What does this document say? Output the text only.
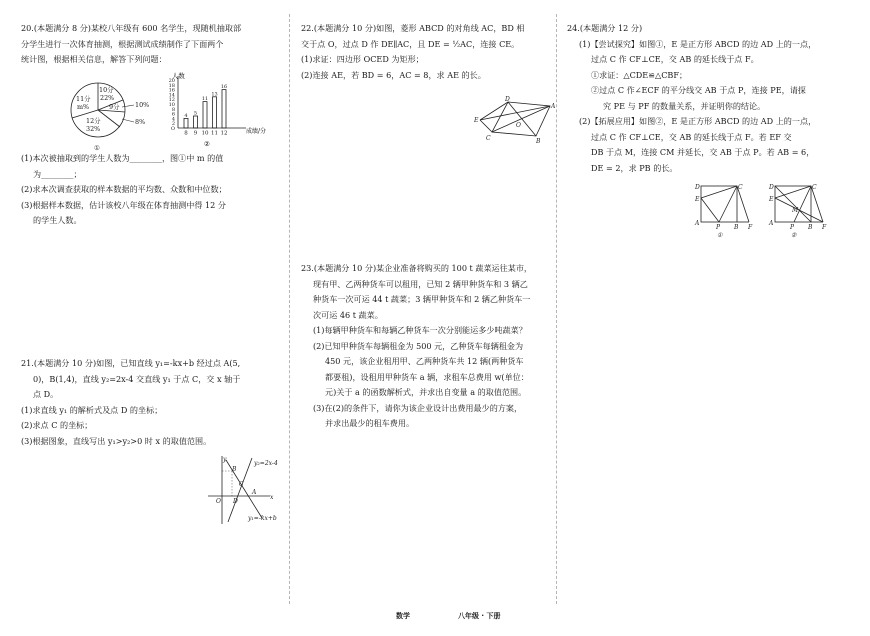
20.(本题满分 8 分)某校八年级有 600 名学生，现随机抽取部

分学生进行一次体育抽测，根据测试成绩制作了下面两个

统计图，根据相关信息，解答下列问题：

10分
22%
9分
11分
m%	10%
8%
12分
32%
①
20
18
16
14
12
10
8
6
4
2
O
4
8
5
9
11
10
13
11
16
12
人数
成绩/分
②

(1)本次被抽取到的学生人数为________，图①中 m 的值

为________；

(2)求本次调查获取的样本数据的平均数、众数和中位数；

(3)根据样本数据，估计该校八年级在体育抽测中得 12 分

的学生人数。

21.(本题满分 10 分)如图，已知直线 y₁=-kx+b 经过点 A(5,

0)，B(1,4)，直线 y₂=2x-4 交直线 y₁ 于点 C，交 x 轴于

点 D。

(1)求直线 y₁ 的解析式及点 D 的坐标；

(2)求点 C 的坐标；

(3)根据图象，直线写出 y₁>y₂>0 时 x 的取值范围。

y
y₂=2x-4
B
C
O D
A
x
y₁=-kx+b

22.(本题满分 10 分)如图，菱形 ABCD 的对角线 AC，BD 相

交于点 O，过点 D 作 DE∥AC，且 DE = ½AC，连接 CE。

(1)求证：四边形 OCED 为矩形；

(2)连接 AE，若 BD = 6，AC = 8，求 AE 的长。

D
A
E
O
C	B

23.(本题满分 10 分)某企业准备将购买的 100 t 蔬菜运往某市，

现有甲、乙两种货车可以租用，已知 2 辆甲种货车和 3 辆乙

种货车一次可运 44 t 蔬菜；3 辆甲种货车和 2 辆乙种货车一

次可运 46 t 蔬菜。

(1)每辆甲种货车和每辆乙种货车一次分别能运多少吨蔬菜？

(2)已知甲种货车每辆租金为 500 元，乙种货车每辆租金为

450 元，该企业租用甲、乙两种货车共 12 辆(两种货车

都要租)，设租用甲种货车 a 辆，求租车总费用 w(单位：

元)关于 a 的函数解析式，并求出自变量 a 的取值范围。

(3)在(2)的条件下，请你为该企业设计出费用最少的方案，

并求出最少的租车费用。

24.(本题满分 12 分)

(1)【尝试探究】如图①，E 是正方形 ABCD 的边 AD 上的一点，

过点 C 作 CF⊥CE，交 AB 的延长线于点 F。

①求证：△CDE≌△CBF；

②过点 C 作∠ECF 的平分线交 AB 于点 P，连接 PE，请探

究 PE 与 PF 的数量关系，并证明你的结论。

(2)【拓展应用】如图②，E 是正方形 ABCD 的边 AD 上的一点，

过点 C 作 CF⊥CE，交 AB 的延长线于点 F。若 EF 交

DB 于点 M，连接 CM 并延长，交 AB 于点 P。若 AB = 6，

DE = 2，求 PB 的长。

D	C
E
A
P B F
①
D	C
E
M
A
P B F
②
数学	八年级 · 下册
